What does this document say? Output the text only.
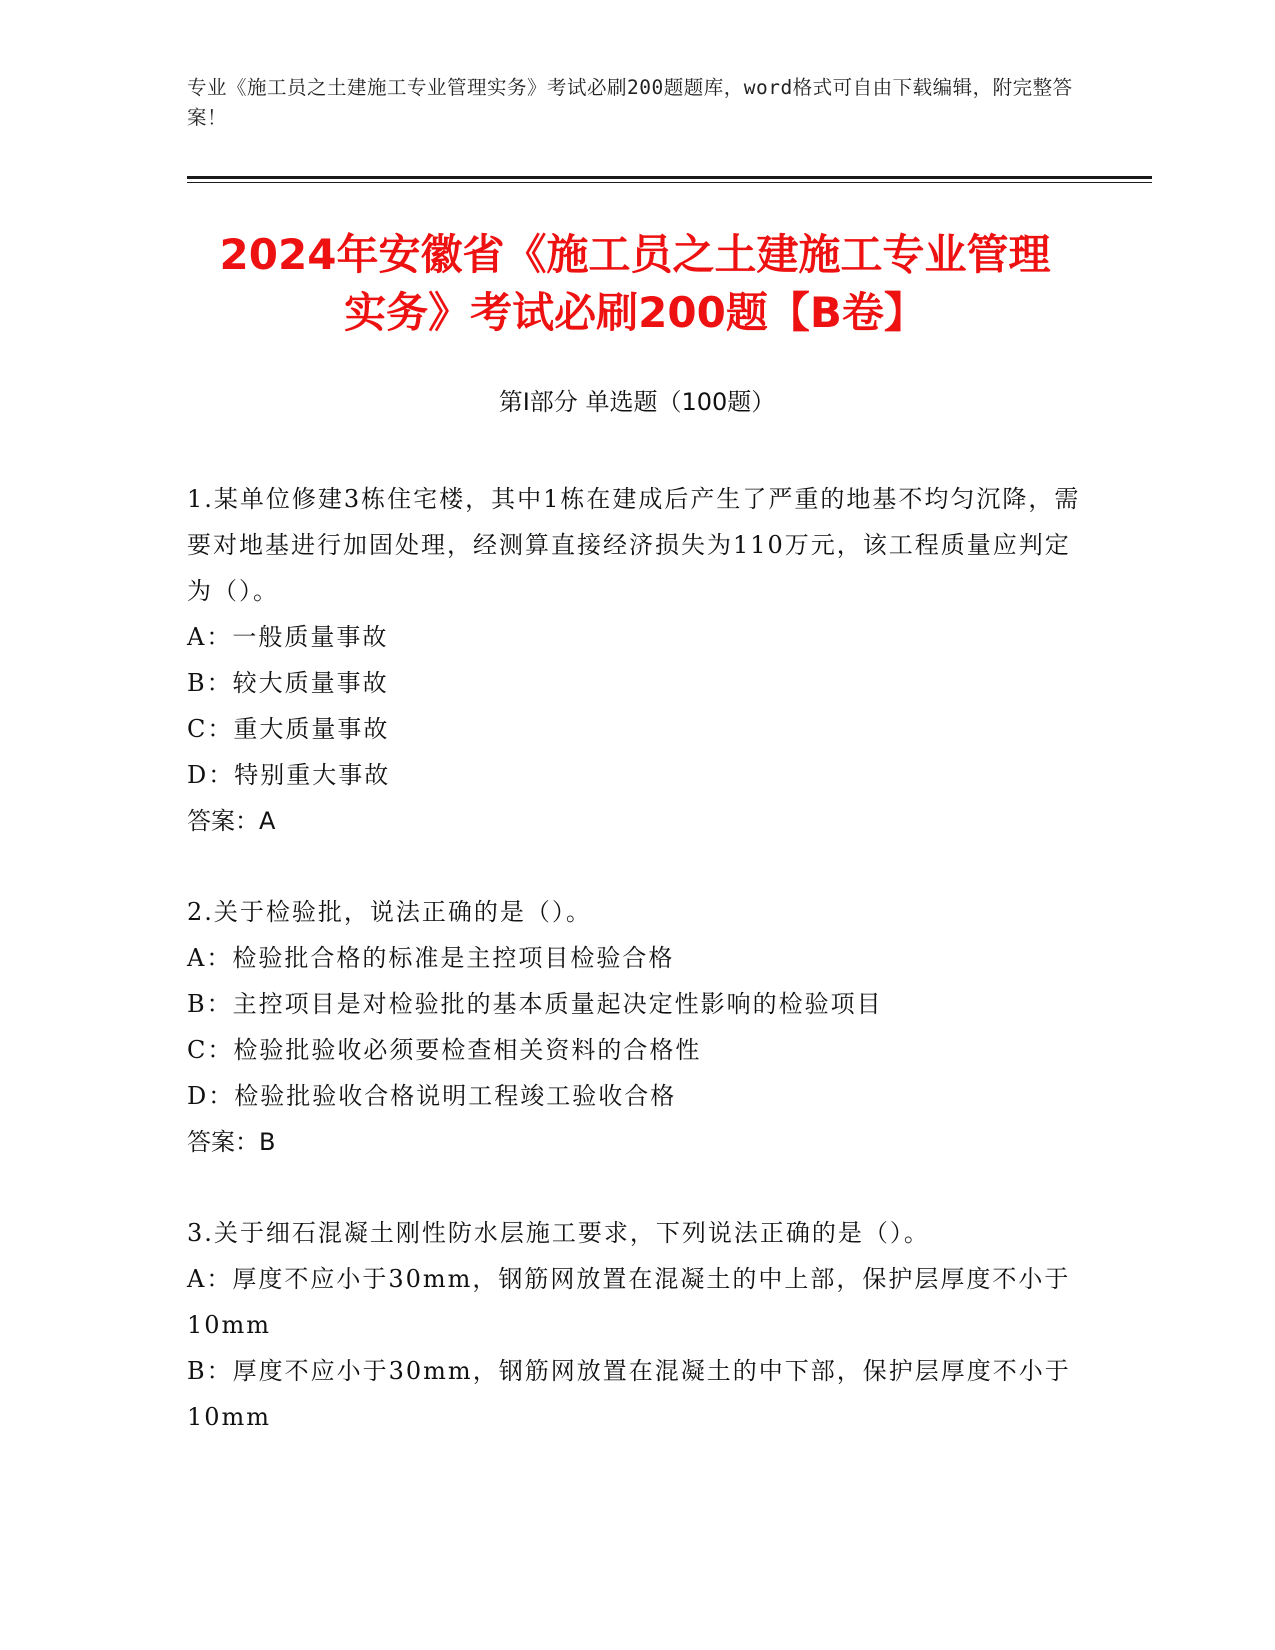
专业《施工员之土建施工专业管理实务》考试必刷200题题库，word格式可自由下载编辑，附完整答案！
2024年安徽省《施工员之土建施工专业管理
实务》考试必刷200题【B卷】
第Ⅰ部分 单选题（100题）
1.某单位修建3栋住宅楼，其中1栋在建成后产生了严重的地基不均匀沉降，需要对地基进行加固处理，经测算直接经济损失为110万元，该工程质量应判定为（）。
A：一般质量事故
B：较大质量事故
C：重大质量事故
D：特别重大事故
答案：A
2.关于检验批，说法正确的是（）。
A：检验批合格的标准是主控项目检验合格
B：主控项目是对检验批的基本质量起决定性影响的检验项目
C：检验批验收必须要检查相关资料的合格性
D：检验批验收合格说明工程竣工验收合格
答案：B
3.关于细石混凝土刚性防水层施工要求，下列说法正确的是（）。
A：厚度不应小于30mm，钢筋网放置在混凝土的中上部，保护层厚度不小于10mm
B：厚度不应小于30mm，钢筋网放置在混凝土的中下部，保护层厚度不小于10mm
